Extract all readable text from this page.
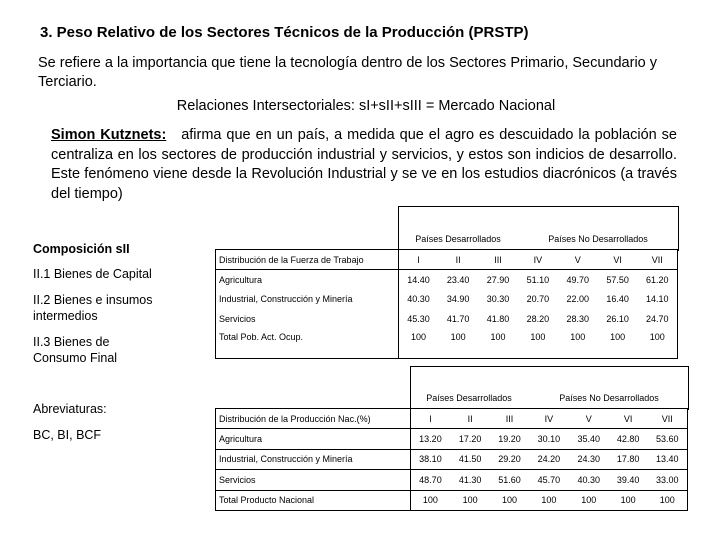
3. Peso Relativo de los Sectores Técnicos de la Producción (PRSTP)
Se refiere a la importancia que tiene la tecnología dentro de los Sectores Primario, Secundario y Terciario.
Relaciones Intersectoriales: sI+sII+sIII = Mercado Nacional
Simon Kutznets: afirma que en un país, a medida que el agro es descuidado la población se centraliza en los sectores de producción industrial y servicios, y estos son indicios de desarrollo. Este fenómeno viene desde la Revolución Industrial y se ve en los estudios diacrónicos (a través del tiempo)
Composición sII
II.1 Bienes de Capital
II.2 Bienes e insumos intermedios
II.3 Bienes de Consumo Final
Abreviaturas:
BC, BI, BCF
Países Desarrollados	Países No Desarrollados
Distribución de la Fuerza de Trabajo	I	II	III	IV	V	VI	VII
Agricultura	14.40	23.40	27.90	51.10	49.70	57.50	61.20
Industrial, Construcción y Minería	40.30	34.90	30.30	20.70	22.00	16.40	14.10
Servicios	45.30	41.70	41.80	28.20	28.30	26.10	24.70
Total Pob. Act. Ocup.	100	100	100	100	100	100	100
Países Desarrollados	Países No Desarrollados
Distribución de la Producción Nac.(%)	I	II	III	IV	V	VI	VII
Agricultura	13.20	17.20	19.20	30.10	35.40	42.80	53.60
Industrial, Construcción y Minería	38.10	41.50	29.20	24.20	24.30	17.80	13.40
Servicios	48.70	41.30	51.60	45.70	40.30	39.40	33.00
Total Producto Nacional	100	100	100	100	100	100	100
